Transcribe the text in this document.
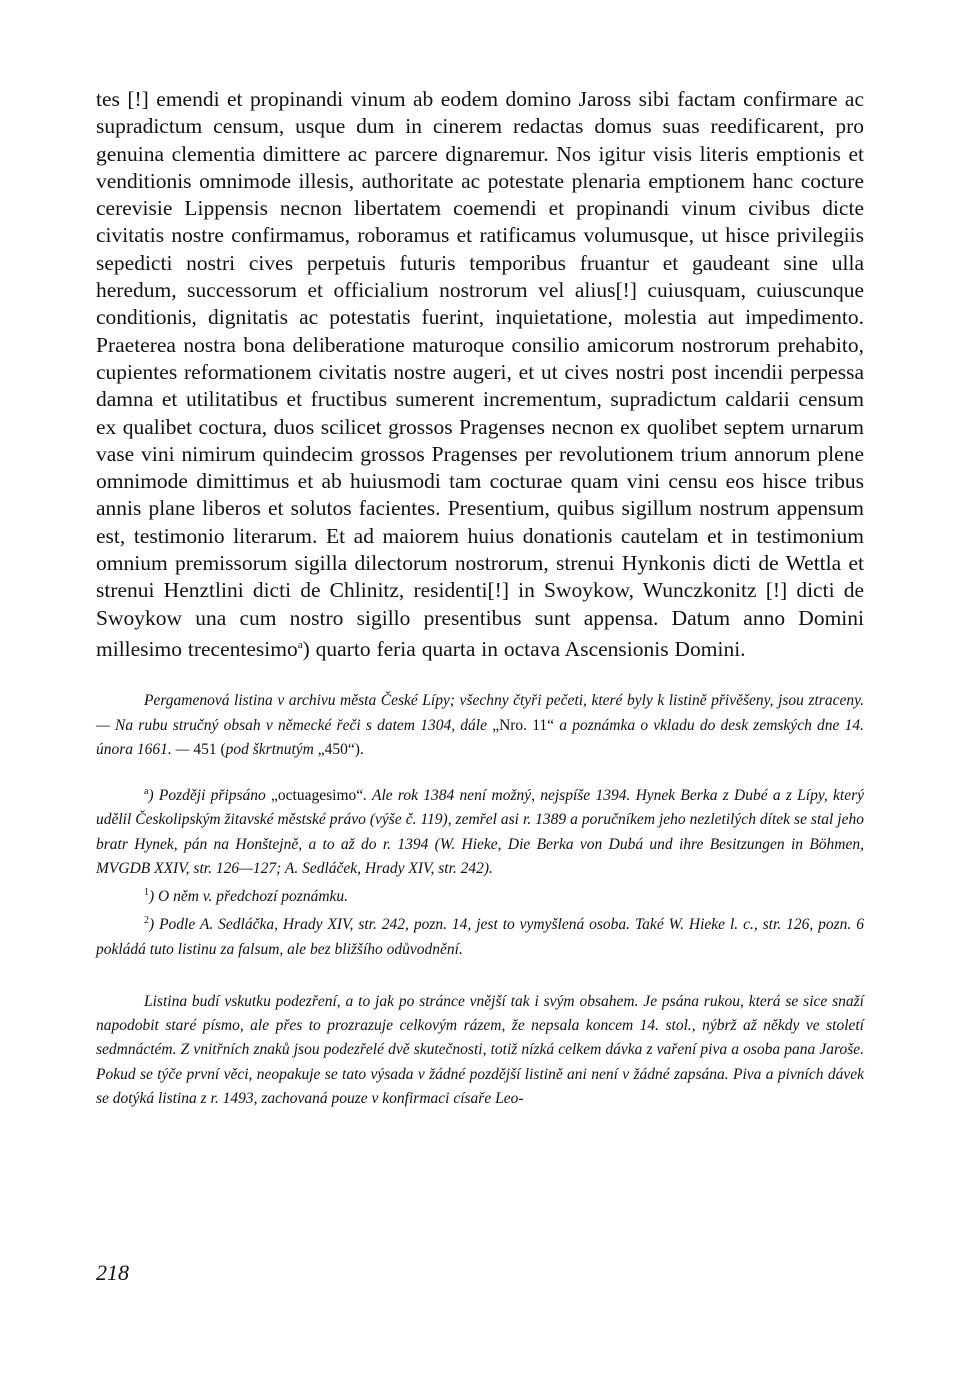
tes [!] emendi et propinandi vinum ab eodem domino Jaross sibi factam confirmare ac supradictum censum, usque dum in cinerem redactas domus suas reedificarent, pro genuina clementia dimittere ac parcere dignaremur. Nos igitur visis literis emptionis et venditionis omnimode illesis, authoritate ac potestate plenaria emptionem hanc cocture cerevisie Lippensis necnon libertatem coemendi et propinandi vinum civibus dicte civitatis nostre confirmamus, roboramus et ratificamus volumusque, ut hisce privilegiis sepedicti nostri cives perpetuis futuris temporibus fruantur et gaudeant sine ulla heredum, successorum et officialium nostrorum vel alius[!] cuiusquam, cuiuscunque conditionis, dignitatis ac potestatis fuerint, inquietatione, molestia aut impedimento. Praeterea nostra bona deliberatione maturoque consilio amicorum nostrorum prehabito, cupientes reformationem civitatis nostre augeri, et ut cives nostri post incendii perpessa damna et utilitatibus et fructibus sumerent incrementum, supradictum caldarii censum ex qualibet coctura, duos scilicet grossos Pragenses necnon ex quolibet septem urnarum vase vini nimirum quindecim grossos Pragenses per revolutionem trium annorum plene omnimode dimittimus et ab huiusmodi tam cocturae quam vini censu eos hisce tribus annis plane liberos et solutos facientes. Presentium, quibus sigillum nostrum appensum est, testimonio literarum. Et ad maiorem huius donationis cautelam et in testimonium omnium premissorum sigilla dilectorum nostrorum, strenui Hynkonis dicti de Wettla et strenui Henztlini dicti de Chlinitz, residenti[!] in Swoykow, Wunczkonitz [!] dicti de Swoykow una cum nostro sigillo presentibus sunt appensa. Datum anno Domini millesimo trecentesimo$^a$) quarto feria quarta in octava Ascensionis Domini.

Pergamenová listina v archivu města České Lípy; všechny čtyři pečeti, které byly k listině přivěšeny, jsou ztraceny. — Na rubu stručný obsah v německé řeči s datem 1304, dále „Nro. 11“ a poznámka o vkladu do desk zemských dne 14. února 1661. — 451 (pod škrtnutým „450“).

$^a$) Později připsáno „octuagesimo“. Ale rok 1384 není možný, nejspíše 1394. Hynek Berka z Dubé a z Lípy, který udělil Českolipským žitavské městské právo (výše č. 119), zemřel asi r. 1389 a poručníkem jeho nezletilých dítek se stal jeho bratr Hynek, pán na Honštejně, a to až do r. 1394 (W. Hieke, Die Berka von Dubá und ihre Besitzungen in Böhmen, MVGDB XXIV, str. 126—127; A. Sedláček, Hrady XIV, str. 242).

$^1$) O něm v. předchozí poznámku.

$^2$) Podle A. Sedláčka, Hrady XIV, str. 242, pozn. 14, jest to vymyšlená osoba. Také W. Hieke l. c., str. 126, pozn. 6 pokládá tuto listinu za falsum, ale bez bližšího odůvodnění.

Listina budí vskutku podezření, a to jak po stránce vnější tak i svým obsahem. Je psána rukou, která se sice snaží napodobit staré písmo, ale přes to prozrazuje celkovým rázem, že nepsala koncem 14. stol., nýbrž až někdy ve století sedmnáctém. Z vnitřních znaků jsou podezřelé dvě skutečnosti, totiž nízká celkem dávka z vaření piva a osoba pana Jaroše. Pokud se týče první věci, neopakuje se tato výsada v žádné pozdější listině ani není v žádné zapsána. Piva a pivních dávek se dotýká listina z r. 1493, zachovaná pouze v konfirmaci císaře Leo-

218
